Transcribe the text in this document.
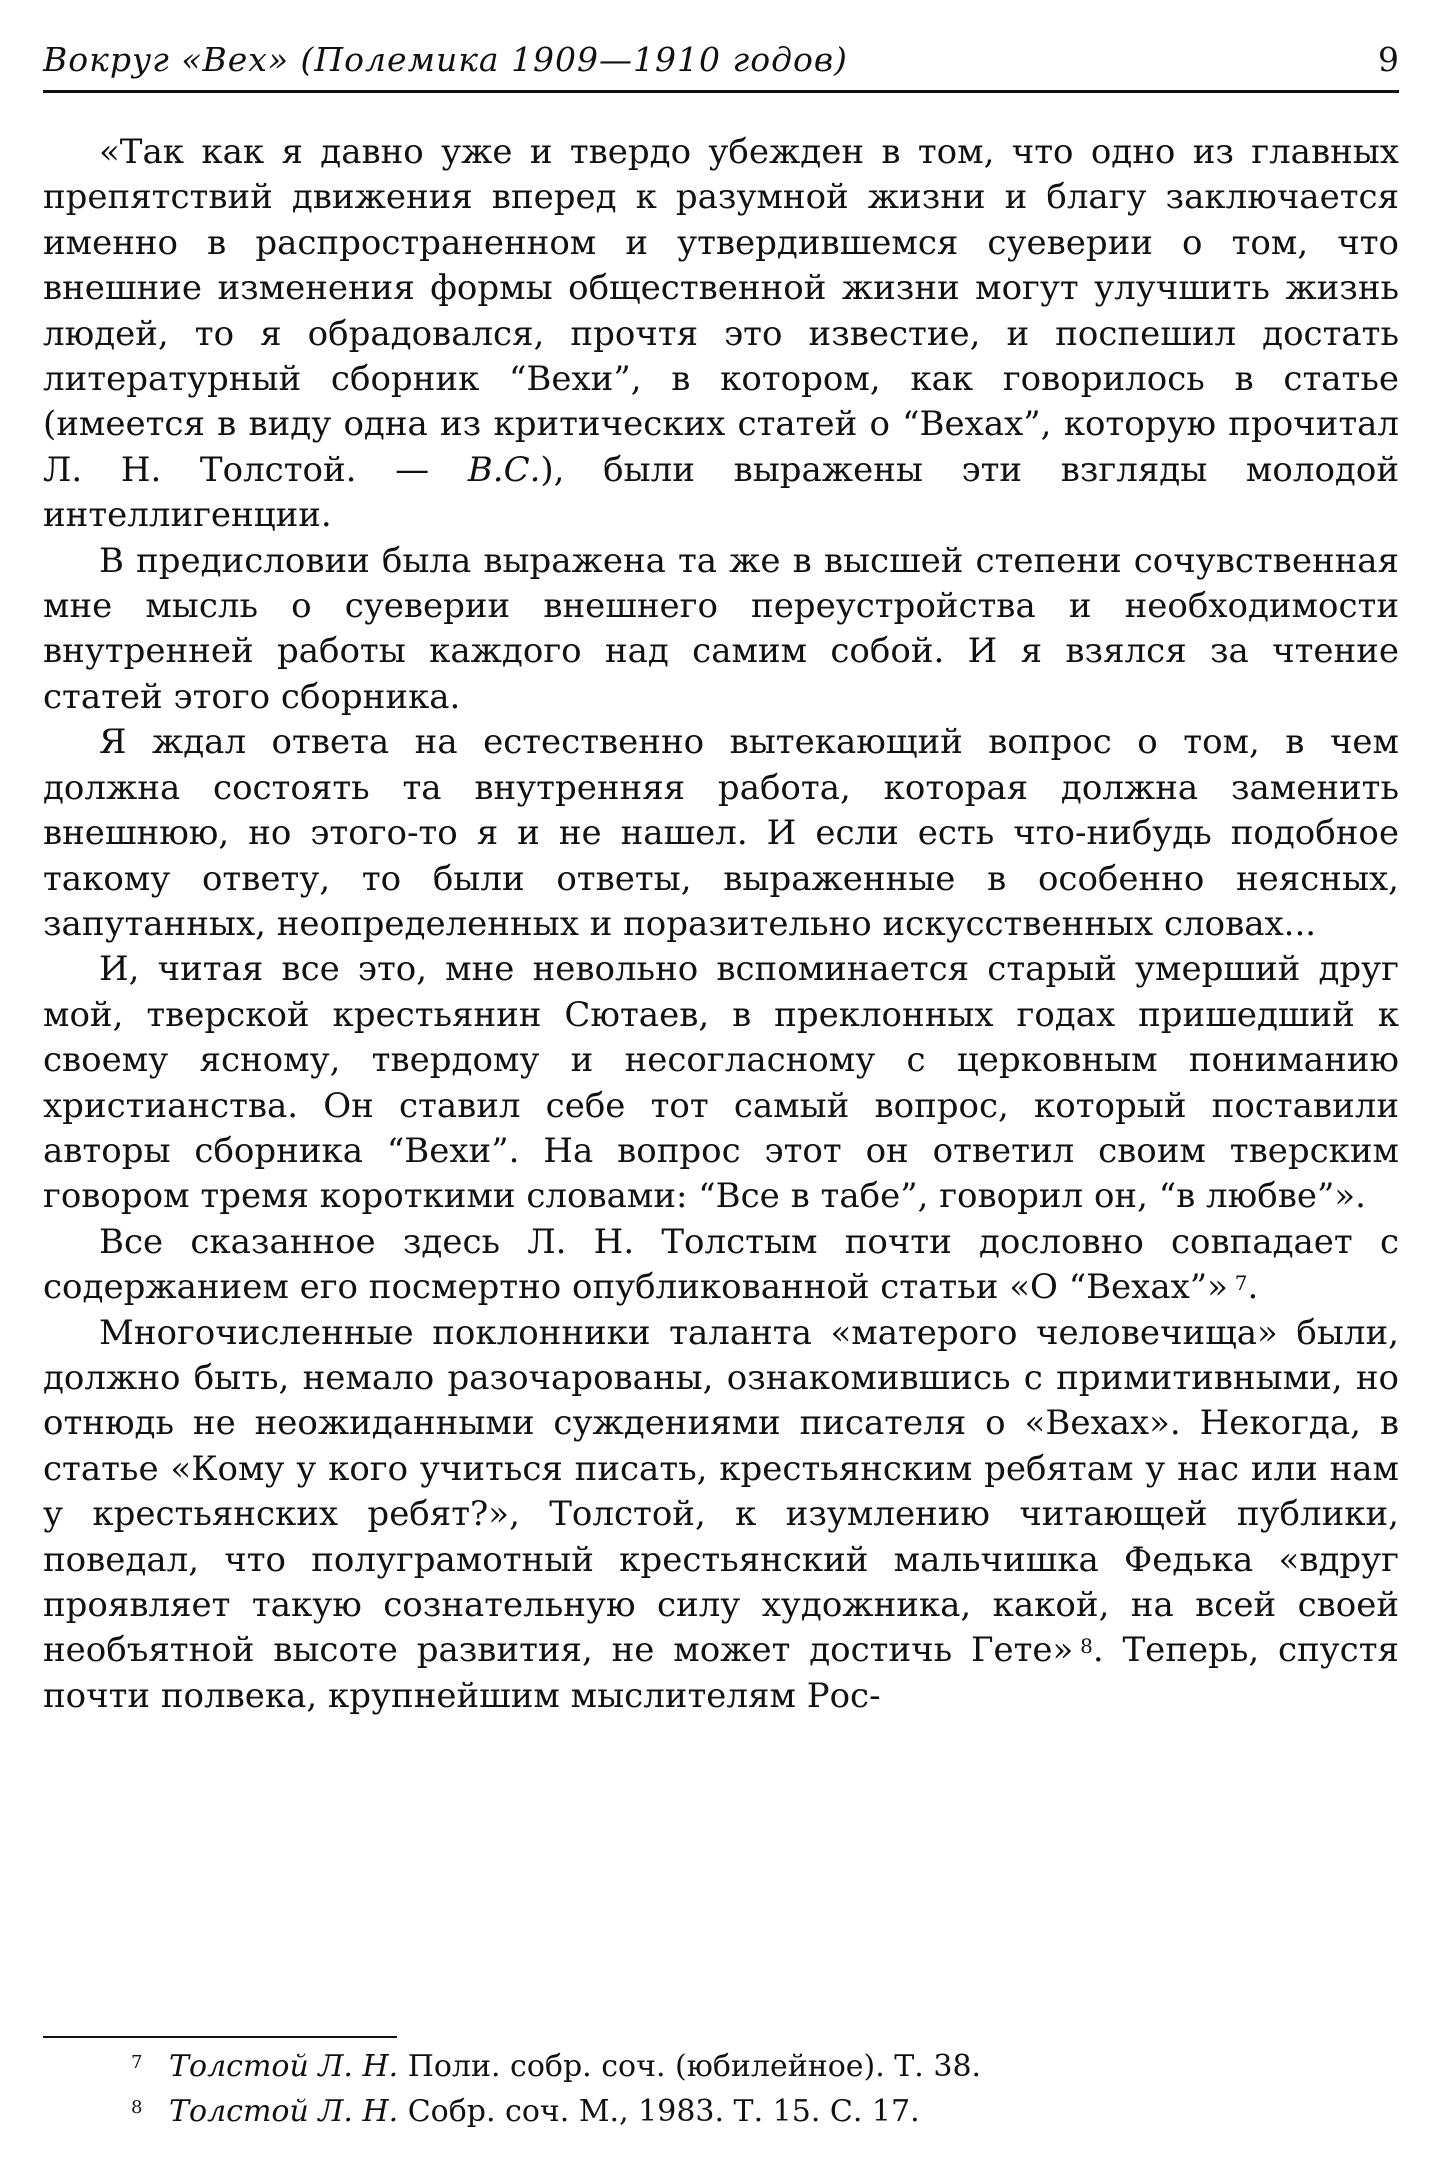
Вокруг «Вех» (Полемика 1909—1910 годов)	9

«Так как я давно уже и твердо убежден в том, что одно из главных препятствий движения вперед к разумной жизни и благу заключается именно в распространенном и утвердившемся суеверии о том, что внешние изменения формы общественной жизни могут улучшить жизнь людей, то я обрадовался, прочтя это известие, и поспешил достать литературный сборник “Вехи”, в котором, как говорилось в статье (имеется в виду одна из критических статей о “Вехах”, которую прочитал Л. Н. Толстой. — В.С.), были выражены эти взгляды молодой интеллигенции.

В предисловии была выражена та же в высшей степени сочувственная мне мысль о суеверии внешнего переустройства и необходимости внутренней работы каждого над самим собой. И я взялся за чтение статей этого сборника.

Я ждал ответа на естественно вытекающий вопрос о том, в чем должна состоять та внутренняя работа, которая должна заменить внешнюю, но этого-то я и не нашел. И если есть что-нибудь подобное такому ответу, то были ответы, выраженные в особенно неясных, запутанных, неопределенных и поразительно искусственных словах...

И, читая все это, мне невольно вспоминается старый умерший друг мой, тверской крестьянин Сютаев, в преклонных годах пришедший к своему ясному, твердому и несогласному с церковным пониманию христианства. Он ставил себе тот самый вопрос, который поставили авторы сборника “Вехи”. На вопрос этот он ответил своим тверским говором тремя короткими словами: “Все в табе”, говорил он, “в любве”».

Все сказанное здесь Л. Н. Толстым почти дословно совпадает с содержанием его посмертно опубликованной статьи «О “Вехах”»  $^7$.

Многочисленные поклонники таланта «матерого человечища» были, должно быть, немало разочарованы, ознакомившись с примитивными, но отнюдь не неожиданными суждениями писателя о «Вехах». Некогда, в статье «Кому у кого учиться писать, крестьянским ребятам у нас или нам у крестьянских ребят?», Толстой, к изумлению читающей публики, поведал, что полуграмотный крестьянский мальчишка Федька «вдруг проявляет такую сознательную силу художника, какой, на всей своей необъятной высоте развития, не может достичь Гете»  $^8$. Теперь, спустя почти полвека, крупнейшим мыслителям Рос-

7 Толстой Л. Н. Поли. собр. соч. (юбилейное). Т. 38.
8 Толстой Л. Н. Собр. соч. М., 1983. Т. 15. С. 17.
